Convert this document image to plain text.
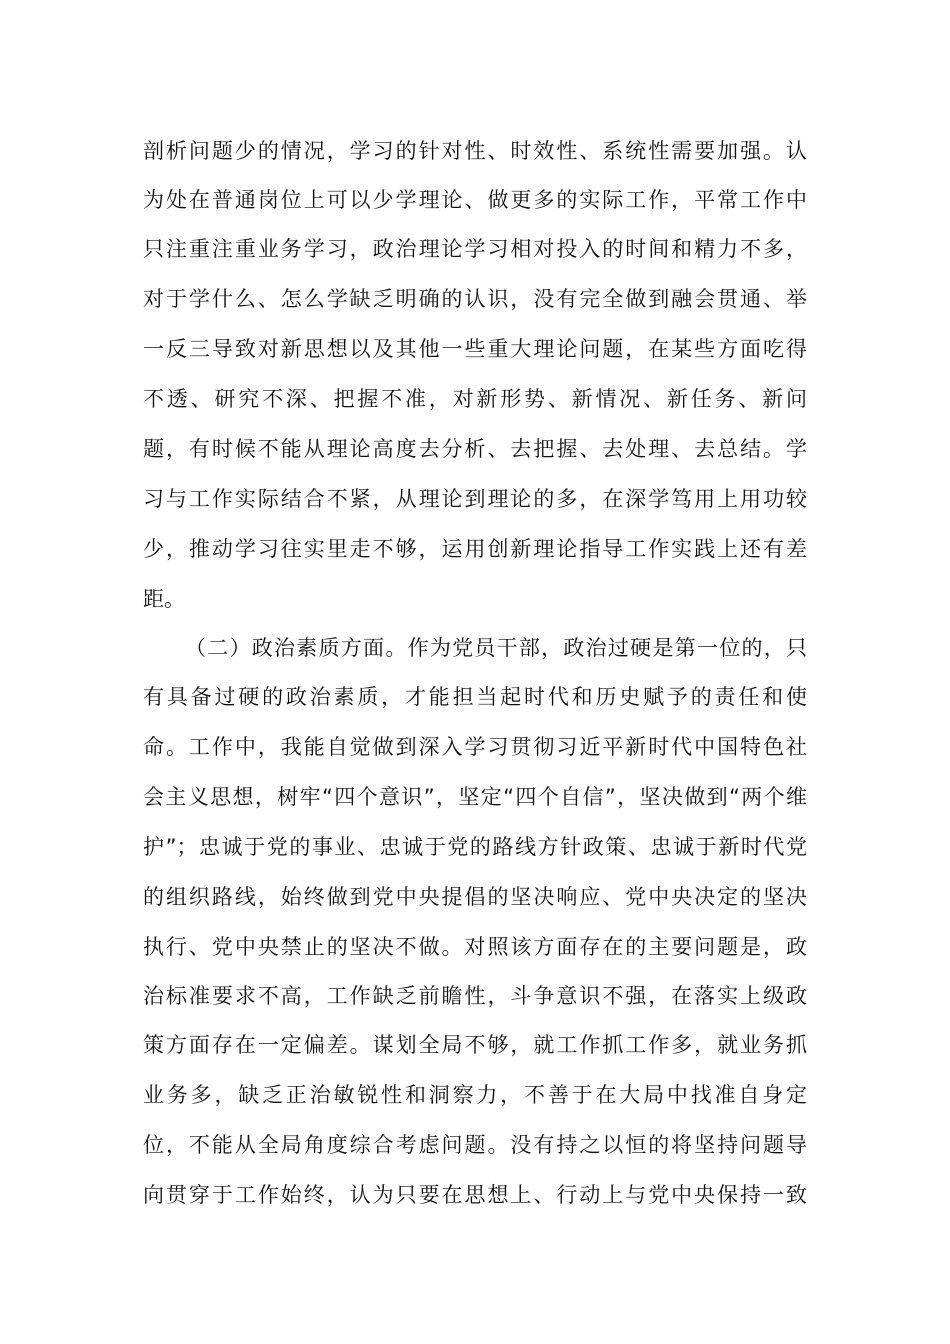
剖析问题少的情况，学习的针对性、时效性、系统性需要加强。认
为处在普通岗位上可以少学理论、做更多的实际工作，平常工作中
只注重注重业务学习，政治理论学习相对投入的时间和精力不多，
对于学什么、怎么学缺乏明确的认识，没有完全做到融会贯通、举
一反三导致对新思想以及其他一些重大理论问题，在某些方面吃得
不透、研究不深、把握不准，对新形势、新情况、新任务、新问
题，有时候不能从理论高度去分析、去把握、去处理、去总结。学
习与工作实际结合不紧，从理论到理论的多，在深学笃用上用功较
少，推动学习往实里走不够，运用创新理论指导工作实践上还有差
距。
（二）政治素质方面。作为党员干部，政治过硬是第一位的，只
有具备过硬的政治素质，才能担当起时代和历史赋予的责任和使
命。工作中，我能自觉做到深入学习贯彻习近平新时代中国特色社
会主义思想，树牢“四个意识”，坚定“四个自信”，坚决做到“两个维
护”；忠诚于党的事业、忠诚于党的路线方针政策、忠诚于新时代党
的组织路线，始终做到党中央提倡的坚决响应、党中央决定的坚决
执行、党中央禁止的坚决不做。对照该方面存在的主要问题是，政
治标准要求不高，工作缺乏前瞻性，斗争意识不强，在落实上级政
策方面存在一定偏差。谋划全局不够，就工作抓工作多，就业务抓
业务多，缺乏正治敏锐性和洞察力，不善于在大局中找准自身定
位，不能从全局角度综合考虑问题。没有持之以恒的将坚持问题导
向贯穿于工作始终，认为只要在思想上、行动上与党中央保持一致
